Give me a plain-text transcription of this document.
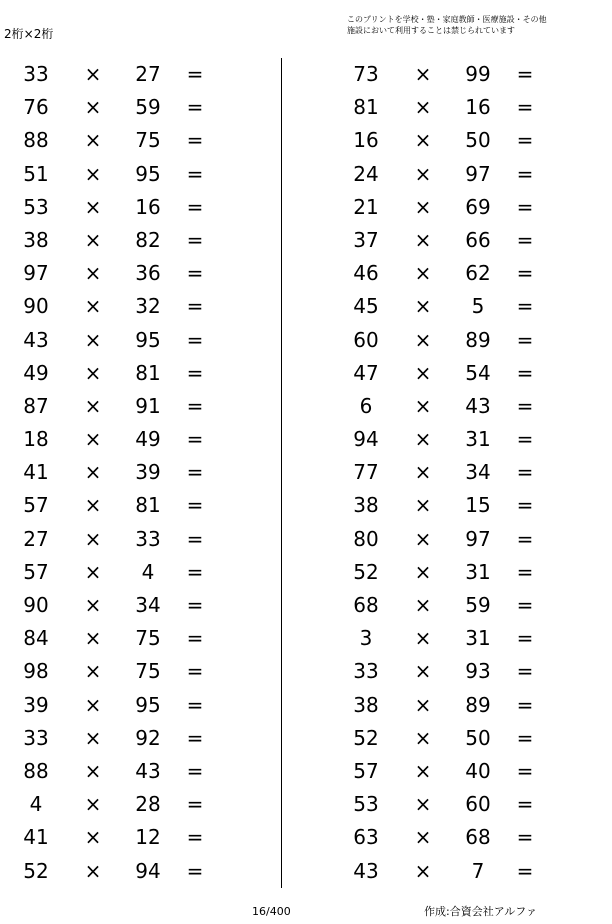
2桁×2桁
このプリントを学校・塾・家庭教師・医療施設・その他
施設において利用することは禁じられています
33	×	27	=
76	×	59	=
88	×	75	=
51	×	95	=
53	×	16	=
38	×	82	=
97	×	36	=
90	×	32	=
43	×	95	=
49	×	81	=
87	×	91	=
18	×	49	=
41	×	39	=
57	×	81	=
27	×	33	=
57	×	4	=
90	×	34	=
84	×	75	=
98	×	75	=
39	×	95	=
33	×	92	=
88	×	43	=
4	×	28	=
41	×	12	=
52	×	94	=
73	×	99	=
81	×	16	=
16	×	50	=
24	×	97	=
21	×	69	=
37	×	66	=
46	×	62	=
45	×	5	=
60	×	89	=
47	×	54	=
6	×	43	=
94	×	31	=
77	×	34	=
38	×	15	=
80	×	97	=
52	×	31	=
68	×	59	=
3	×	31	=
33	×	93	=
38	×	89	=
52	×	50	=
57	×	40	=
53	×	60	=
63	×	68	=
43	×	7	=
16/400	作成:合資会社アルファ
